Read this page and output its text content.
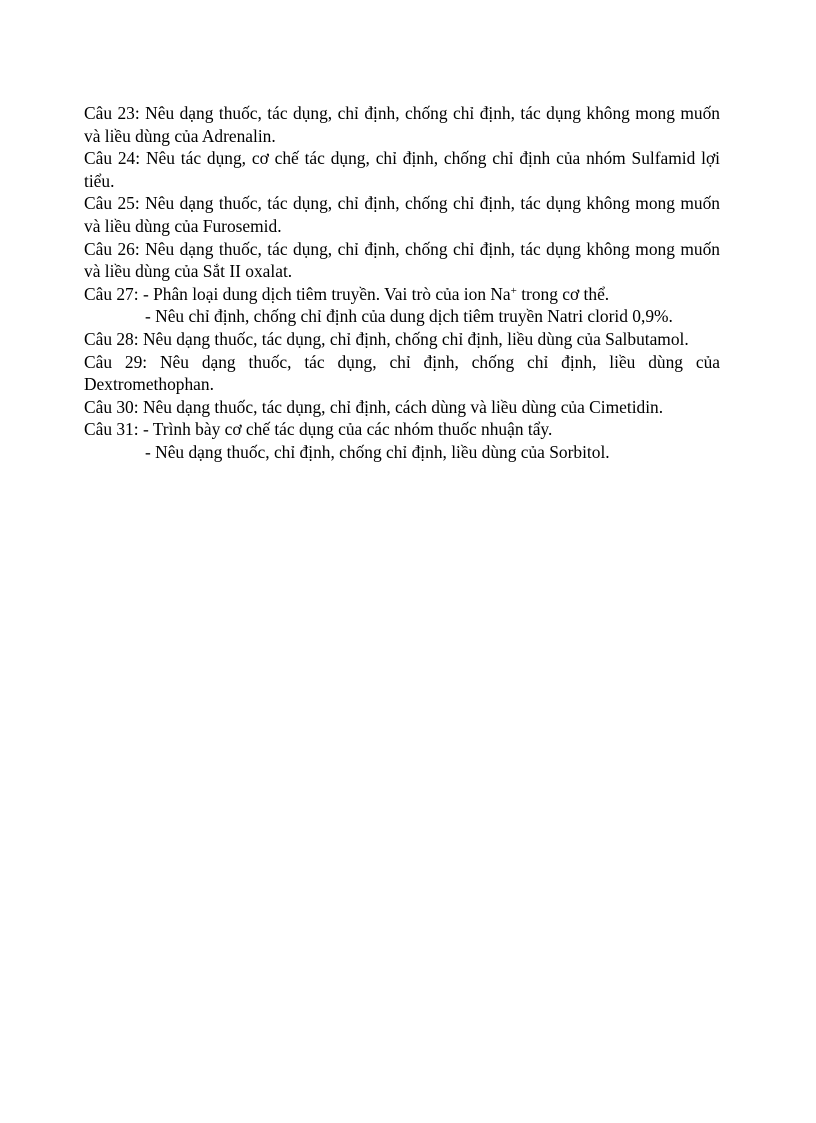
Câu 23: Nêu dạng thuốc, tác dụng, chỉ định, chống chỉ định, tác dụng không mong muốn và liều dùng của Adrenalin.

Câu 24: Nêu tác dụng, cơ chế tác dụng, chỉ định, chống chỉ định của nhóm Sulfamid lợi tiểu.

Câu 25: Nêu dạng thuốc, tác dụng, chỉ định, chống chỉ định, tác dụng không mong muốn và liều dùng của Furosemid.

Câu 26: Nêu dạng thuốc, tác dụng, chỉ định, chống chỉ định, tác dụng không mong muốn và liều dùng của Sắt II oxalat.

Câu 27: - Phân loại dung dịch tiêm truyền. Vai trò của ion Na+ trong cơ thể.

- Nêu chỉ định, chống chỉ định của dung dịch tiêm truyền Natri clorid 0,9%.

Câu 28: Nêu dạng thuốc, tác dụng, chỉ định, chống chỉ định, liều dùng của Salbutamol.

Câu 29: Nêu dạng thuốc, tác dụng, chỉ định, chống chỉ định, liều dùng của Dextromethophan.

Câu 30: Nêu dạng thuốc, tác dụng, chỉ định, cách dùng và liều dùng của Cimetidin.

Câu 31: - Trình bày cơ chế tác dụng của các nhóm thuốc nhuận tẩy.

- Nêu dạng thuốc, chỉ định, chống chỉ định, liều dùng của Sorbitol.
